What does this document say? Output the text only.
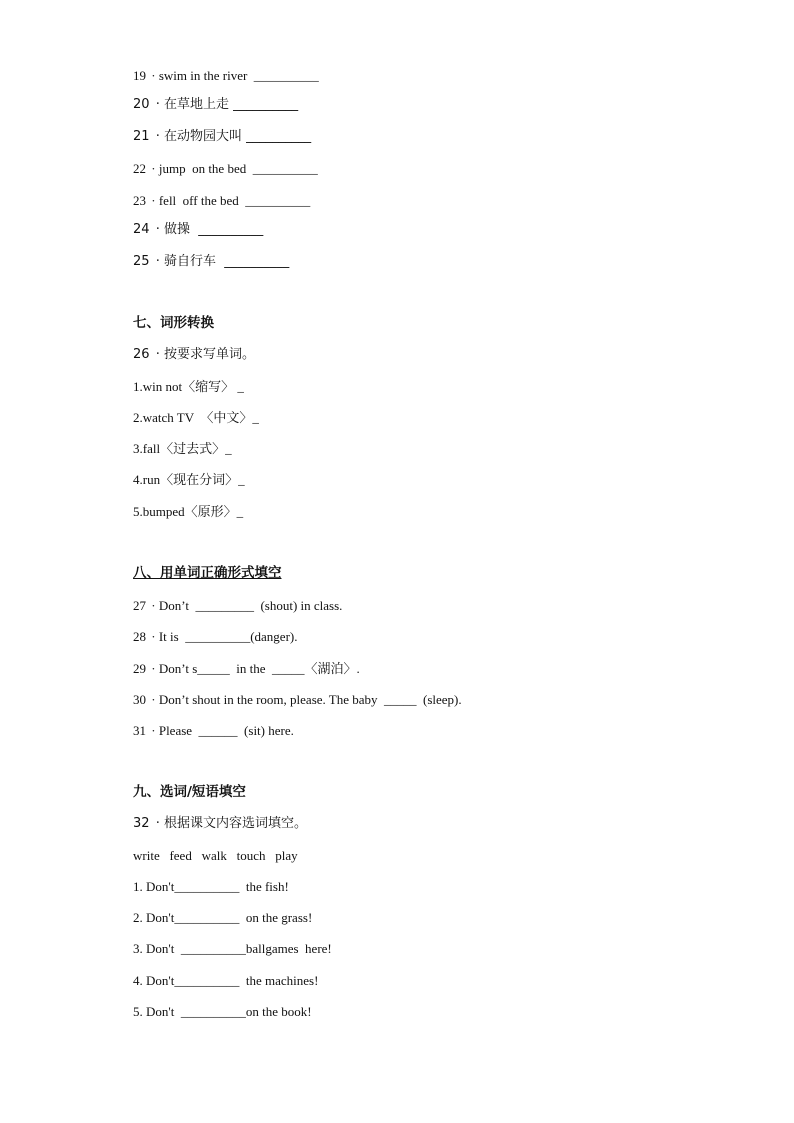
19 · swim in the river  __________
20 · 在草地上走 __________
21 · 在动物园大叫 __________
22 · jump  on the bed  __________
23 · fell  off the bed  __________
24 · 做操  __________
25 · 骑自行车  __________
七、词形转换
26 · 按要求写单词。
1.win not〈缩写〉 _
2.watch TV  〈中文〉_
3.fall〈过去式〉_
4.run〈现在分词〉_
5.bumped〈原形〉_
八、用单词正确形式填空
27 · Don’t  _________  (shout) in class.
28 · It is  __________(danger).
29 · Don’t s_____  in the  _____〈湖泊〉.
30 · Don’t shout in the room, please. The baby  _____  (sleep).
31 · Please  ______  (sit) here.
九、选词/短语填空
32 · 根据课文内容选词填空。
write   feed   walk   touch   play
1. Don't__________  the fish!
2. Don't__________  on the grass!
3. Don't  __________ballgames  here!
4. Don't__________  the machines!
5. Don't  __________on the book!
